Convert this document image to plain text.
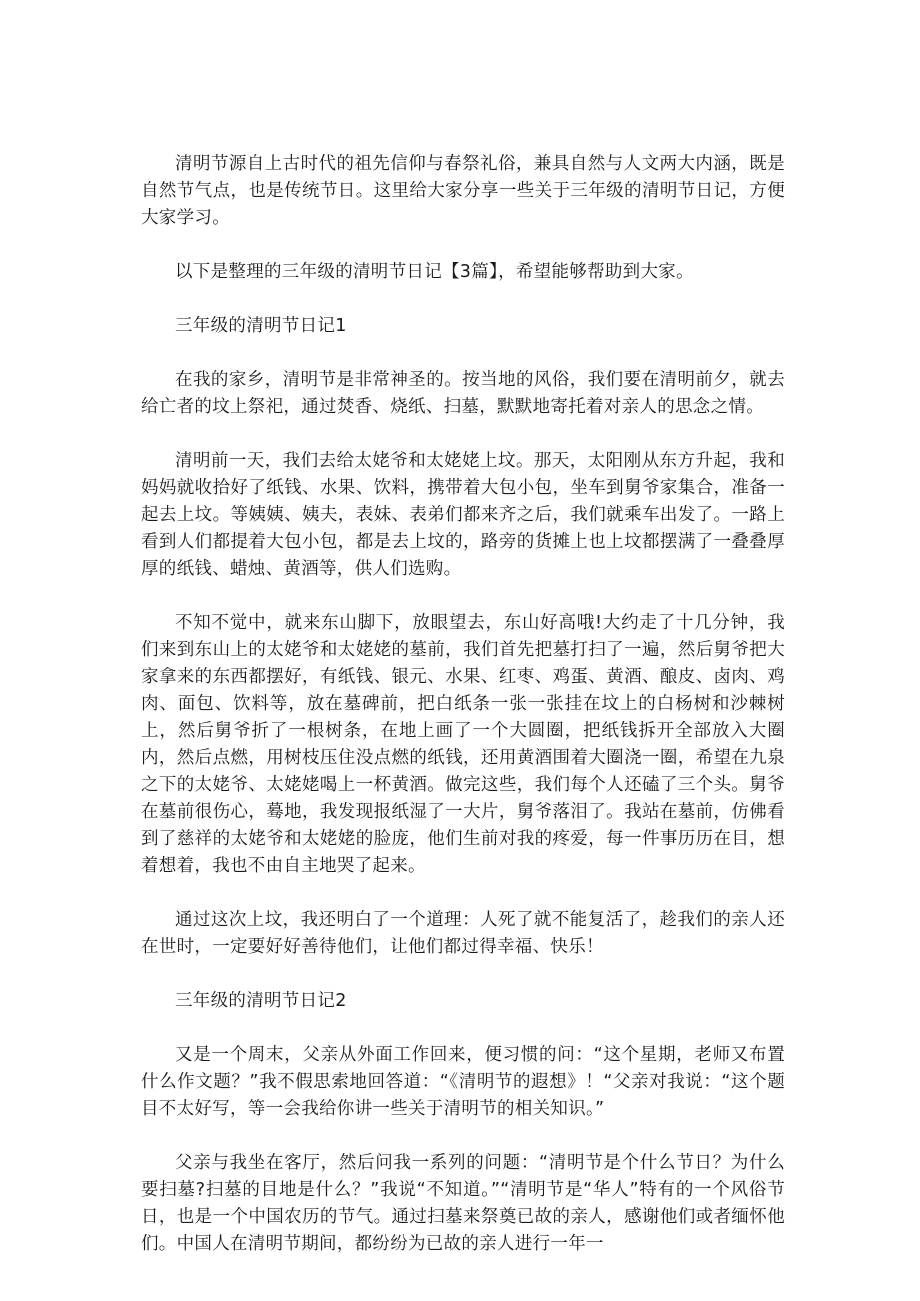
清明节源自上古时代的祖先信仰与春祭礼俗，兼具自然与人文两大内涵，既是自然节气点，也是传统节日。这里给大家分享一些关于三年级的清明节日记，方便大家学习。

以下是整理的三年级的清明节日记【3篇】，希望能够帮助到大家。

三年级的清明节日记1

在我的家乡，清明节是非常神圣的。按当地的风俗，我们要在清明前夕，就去给亡者的坟上祭祀，通过焚香、烧纸、扫墓，默默地寄托着对亲人的思念之情。

清明前一天，我们去给太姥爷和太姥姥上坟。那天，太阳刚从东方升起，我和妈妈就收拾好了纸钱、水果、饮料，携带着大包小包，坐车到舅爷家集合，准备一起去上坟。等姨姨、姨夫，表妹、表弟们都来齐之后，我们就乘车出发了。一路上看到人们都提着大包小包，都是去上坟的，路旁的货摊上也上坟都摆满了一叠叠厚厚的纸钱、蜡烛、黄酒等，供人们选购。

不知不觉中，就来东山脚下，放眼望去，东山好高哦!大约走了十几分钟，我们来到东山上的太姥爷和太姥姥的墓前，我们首先把墓打扫了一遍，然后舅爷把大家拿来的东西都摆好，有纸钱、银元、水果、红枣、鸡蛋、黄酒、酿皮、卤肉、鸡肉、面包、饮料等，放在墓碑前，把白纸条一张一张挂在坟上的白杨树和沙棘树上，然后舅爷折了一根树条，在地上画了一个大圆圈，把纸钱拆开全部放入大圈内，然后点燃，用树枝压住没点燃的纸钱，还用黄酒围着大圈浇一圈，希望在九泉之下的太姥爷、太姥姥喝上一杯黄酒。做完这些，我们每个人还磕了三个头。舅爷在墓前很伤心，蓦地，我发现报纸湿了一大片，舅爷落泪了。我站在墓前，仿佛看到了慈祥的太姥爷和太姥姥的脸庞，他们生前对我的疼爱，每一件事历历在目，想着想着，我也不由自主地哭了起来。

通过这次上坟，我还明白了一个道理：人死了就不能复活了，趁我们的亲人还在世时，一定要好好善待他们，让他们都过得幸福、快乐！

三年级的清明节日记2

又是一个周末，父亲从外面工作回来，便习惯的问：“这个星期，老师又布置什么作文题？”我不假思索地回答道：“《清明节的遐想》！“父亲对我说：“这个题目不太好写，等一会我给你讲一些关于清明节的相关知识。”

父亲与我坐在客厅，然后问我一系列的问题：“清明节是个什么节日？为什么要扫墓?扫墓的目地是什么？”我说“不知道。”“清明节是“华人”特有的一个风俗节日，也是一个中国农历的节气。通过扫墓来祭奠已故的亲人，感谢他们或者缅怀他们。中国人在清明节期间，都纷纷为已故的亲人进行一年一
